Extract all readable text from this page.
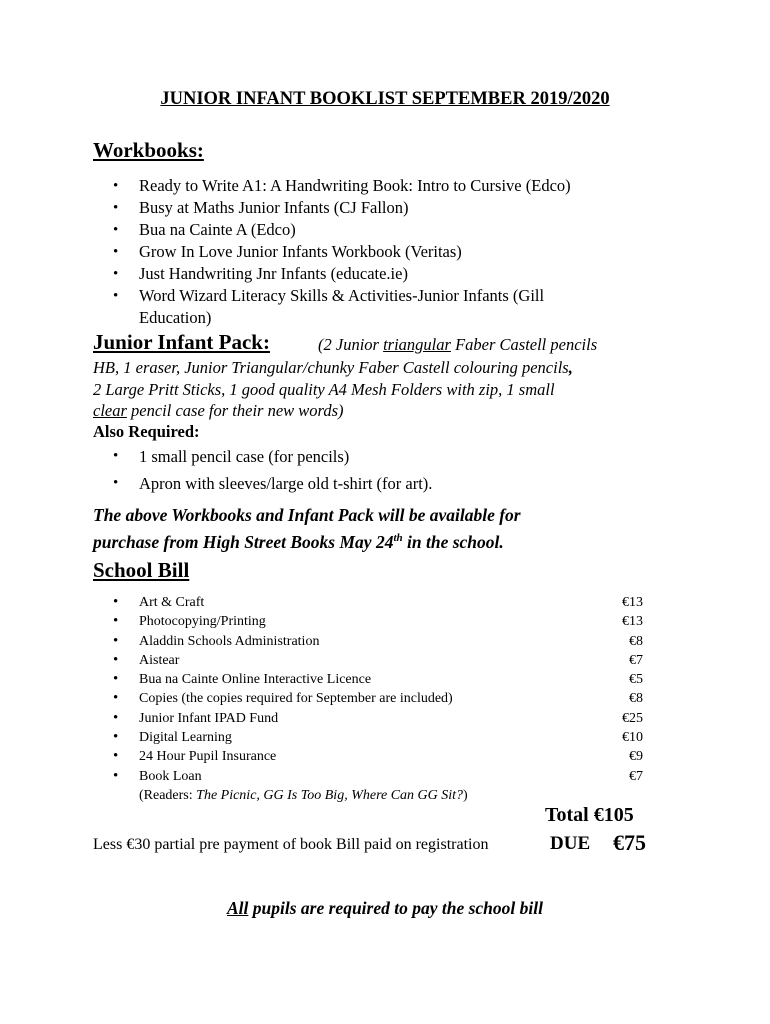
JUNIOR INFANT BOOKLIST SEPTEMBER 2019/2020
Workbooks:
• Ready to Write A1: A Handwriting Book: Intro to Cursive (Edco)
• Busy at Maths Junior Infants (CJ Fallon)
• Bua na Cainte A (Edco)
• Grow In Love Junior Infants Workbook (Veritas)
• Just Handwriting Jnr Infants (educate.ie)
• Word Wizard Literacy Skills & Activities-Junior Infants (Gill
Education)
Junior Infant Pack:	(2 Junior triangular Faber Castell pencils
HB, 1 eraser, Junior Triangular/chunky Faber Castell colouring pencils,
2 Large Pritt Sticks, 1 good quality A4 Mesh Folders with zip, 1 small
clear pencil case for their new words)
Also Required:
• 1 small pencil case (for pencils)
• Apron with sleeves/large old t-shirt (for art).
The above Workbooks and Infant Pack will be available for
purchase from High Street Books May 24th in the school.
School Bill
• Art & Craft	€13
• Photocopying/Printing	€13
• Aladdin Schools Administration	€8
• Aistear	€7
• Bua na Cainte Online Interactive Licence	€5
• Copies (the copies required for September are included)	€8
• Junior Infant IPAD Fund	€25
• Digital Learning	€10
• 24 Hour Pupil Insurance	€9
• Book Loan	€7

(Readers: The Picnic, GG Is Too Big, Where Can GG Sit?)
Total €105
Less €30 partial pre payment of book Bill paid on registration	DUE €75
All pupils are required to pay the school bill
